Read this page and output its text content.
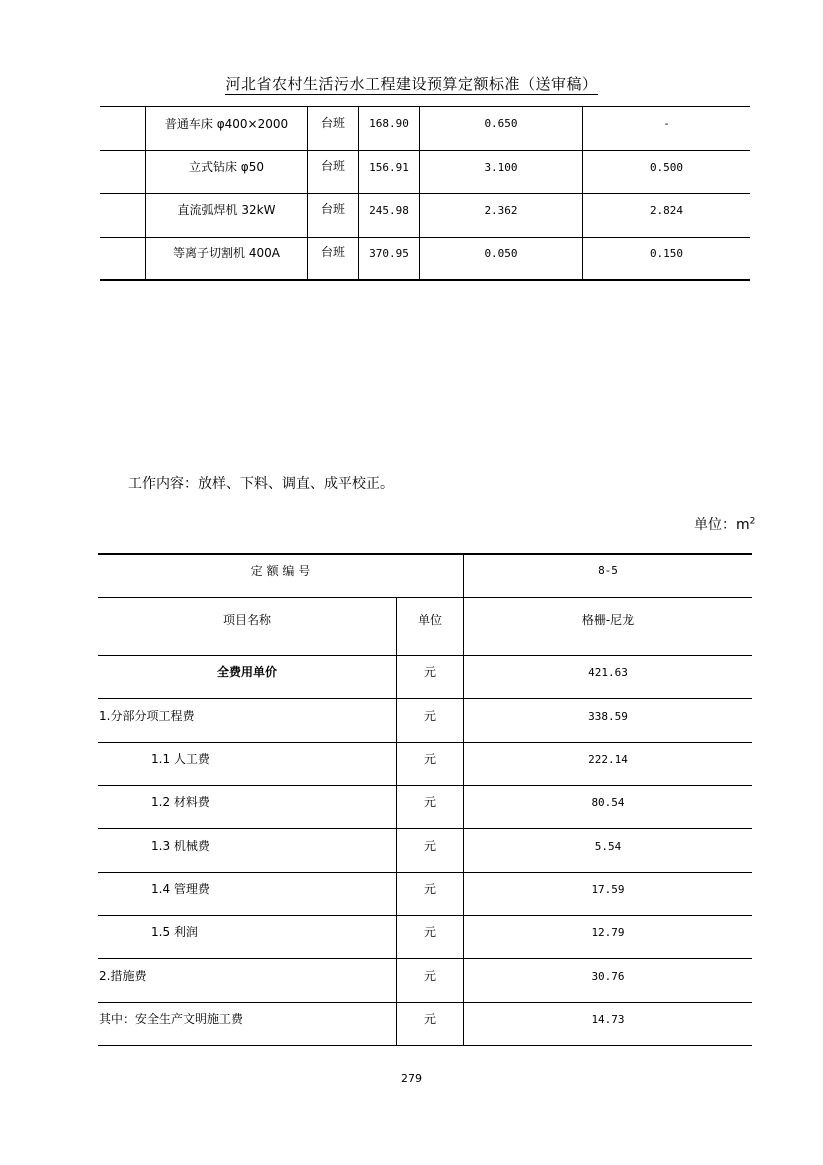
河北省农村生活污水工程建设预算定额标准（送审稿）
普通车床 φ400×2000	台班	168.90	0.650	-
立式钻床 φ50	台班	156.91	3.100	0.500
直流弧焊机 32kW	台班	245.98	2.362	2.824
等离子切割机 400A	台班	370.95	0.050	0.150
工作内容：放样、下料、调直、成平校正。
单位：$m^2$
定 额 编 号	8-5
项目名称	单位	格栅-尼龙
全费用单价	元	421.63
1.分部分项工程费	元	338.59
1.1 人工费	元	222.14
1.2 材料费	元	80.54
1.3 机械费	元	5.54
1.4 管理费	元	17.59
1.5 利润	元	12.79
2.措施费	元	30.76
其中：安全生产文明施工费	元	14.73
279
